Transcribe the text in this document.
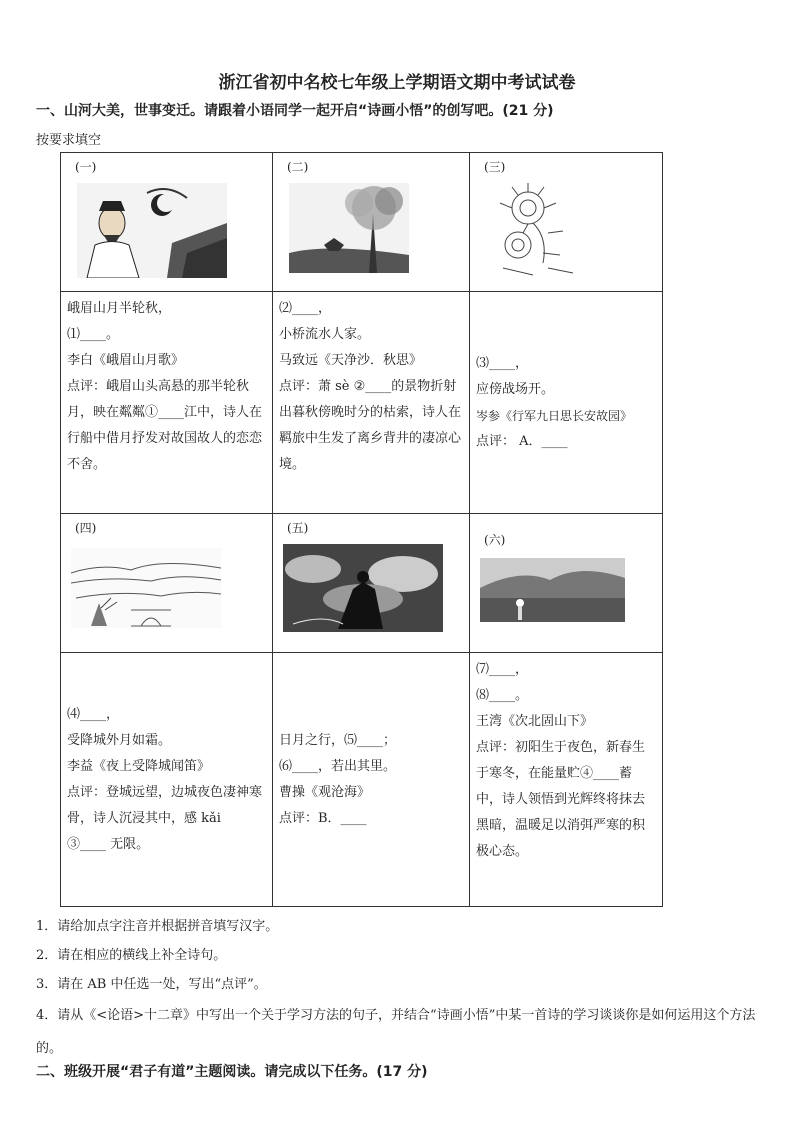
浙江省初中名校七年级上学期语文期中考试试卷
一、山河大美，世事变迁。请跟着小语同学一起开启“诗画小悟”的创写吧。(21 分)
按要求填空
(一)	(二)	(三)

峨眉山月半轮秋，
⑴____。
李白《峨眉山月歌》
点评：峨眉山头高悬的那半轮秋月，映在粼粼①____江中，诗人在行船中借月抒发对故国故人的恋恋不舍。	⑵____，
小桥流水人家。
马致远《天净沙．秋思》
点评：萧 sè ②____的景物折射出暮秋傍晚时分的枯索，诗人在羁旅中生发了离乡背井的凄凉心境。	⑶____，
应傍战场开。
岑参《行军九日思长安故园》
点评： A．____

(四)	(五)	(六)

⑷____，
受降城外月如霜。
李益《夜上受降城闻笛》
点评：登城远望，边城夜色凄神寒骨，诗人沉浸其中，感 kǎi
③____ 无限。	日月之行，⑸____；
⑹____，若出其里。
曹操《观沧海》
点评：B．____	⑺____，
⑻____。
王湾《次北固山下》
点评：初阳生于夜色，新春生于寒冬，在能量贮④____蓄中，诗人领悟到光辉终将抹去黑暗，温暖足以消弭严寒的积极心态。
1．请给加点字注音并根据拼音填写汉字。
2．请在相应的横线上补全诗句。
3．请在 AB 中任选一处，写出“点评”。
4．请从《<论语>十二章》中写出一个关于学习方法的句子，并结合“诗画小悟”中某一首诗的学习谈谈你是如何运用这个方法的。
二、班级开展“君子有道”主题阅读。请完成以下任务。(17 分)
